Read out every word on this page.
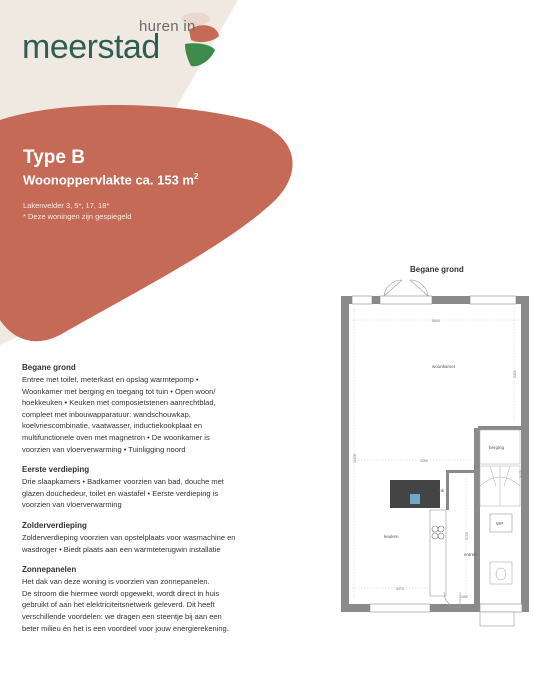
huren in
meerstad
Type B
Woonoppervlakte ca. 153 $m^2$
Lakenvelder 3, 5*, 17, 18*
* Deze woningen zijn gespiegeld
Begane grond

Entree met toilet, meterkast en opslag warmtepomp •
Woonkamer met berging en toegang tot tuin • Open woon/
hoekkeuken • Keuken met composietstenen aanrechtblad,
compleet met inbouwapparatuur: wandschouwkap,
koelvriescombinatie, vaatwasser, inductiekookplaat en
multifunctionele oven met magnetron • De woonkamer is
voorzien van vloerverwarming • Tuinligging noord

Eerste verdieping

Drie slaapkamers • Badkamer voorzien van bad, douche met
glazen douchedeur, toilet en wastafel • Eerste verdieping is
voorzien van vloerverwarming

Zolderverdieping

Zolderverdieping voorzien van opstelplaats voor wasmachine en
wasdroger • Biedt plaats aan een warmteterugwin installatie

Zonnepanelen

Het dak van deze woning is voorzien van zonnepanelen.
De stroom die hiermee wordt opgewekt, wordt direct in huis
gebruikt of aan het elektriciteitsnetwerk geleverd. Dit heeft
verschillende voordelen: we dragen een steentje bij aan een
beter milieu én het is een voordeel voor jouw energierekening.

Begane grond
woonkamer
keuken
berging
entree
mk
WP
5840
4250
3370
1360
11200
5350
3175
3750
